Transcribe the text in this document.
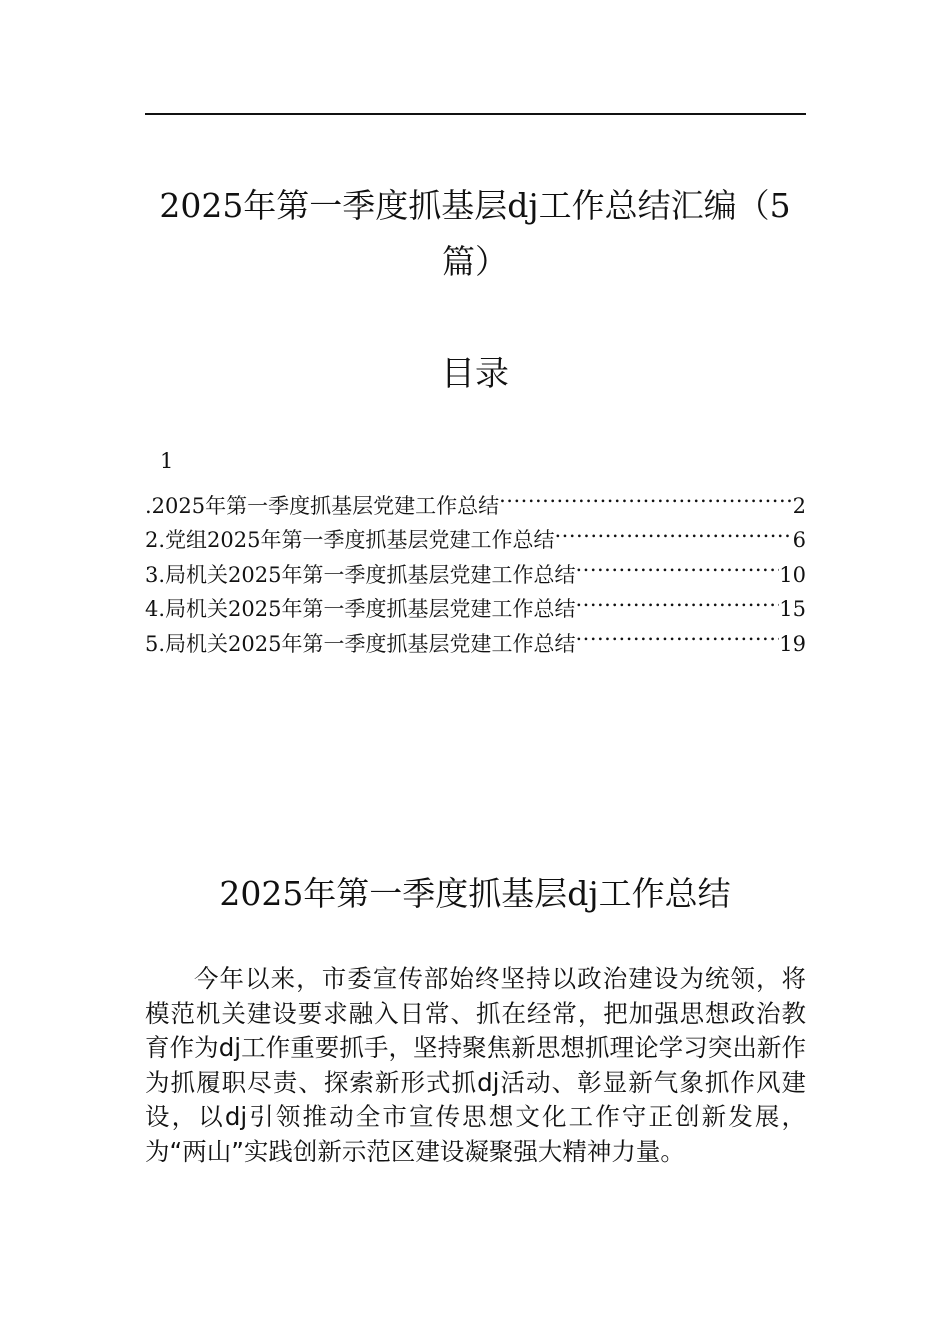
2025年第一季度抓基层dj工作总结汇编（5篇）
目录
1
.2025年第一季度抓基层党建工作总结 .....	2
2.党组2025年第一季度抓基层党建工作总结 .....	6
3.局机关2025年第一季度抓基层党建工作总结 .....	10
4.局机关2025年第一季度抓基层党建工作总结 .....	15
5.局机关2025年第一季度抓基层党建工作总结 .....	19
2025年第一季度抓基层dj工作总结
今年以来，市委宣传部始终坚持以政治建设为统领，将模范机关建设要求融入日常、抓在经常，把加强思想政治教育作为dj工作重要抓手，坚持聚焦新思想抓理论学习突出新作为抓履职尽责、探索新形式抓dj活动、彰显新气象抓作风建设，以dj引领推动全市宣传思想文化工作守正创新发展，为“两山”实践创新示范区建设凝聚强大精神力量。
